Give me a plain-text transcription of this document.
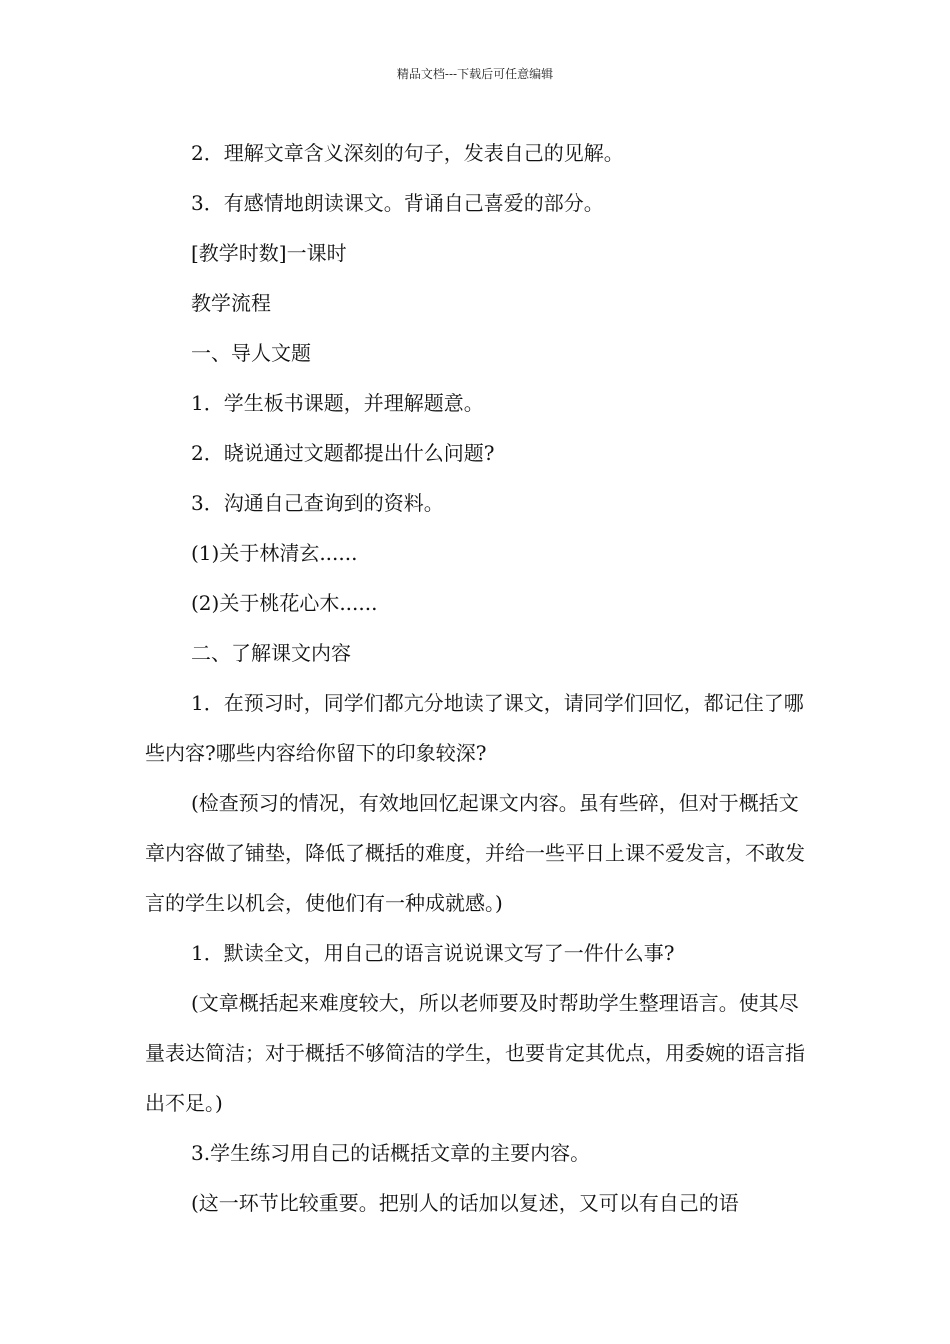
精品文档---下载后可任意编辑

2．理解文章含义深刻的句子，发表自己的见解。

3．有感情地朗读课文。背诵自己喜爱的部分。

[教学时数]一课时

教学流程

一、导人文题

1．学生板书课题，并理解题意。

2．晓说通过文题都提出什么问题?

3．沟通自己查询到的资料。

(1)关于林清玄......

(2)关于桃花心木......

二、了解课文内容

1．在预习时，同学们都亢分地读了课文，请同学们回忆，都记住了哪些内容?哪些内容给你留下的印象较深?

(检查预习的情况，有效地回忆起课文内容。虽有些碎，但对于概括文章内容做了铺垫，降低了概括的难度，并给一些平日上课不爱发言，不敢发言的学生以机会，使他们有一种成就感。)

1．默读全文，用自己的语言说说课文写了一件什么事?

(文章概括起来难度较大，所以老师要及时帮助学生整理语言。使其尽量表达简洁；对于概括不够简洁的学生，也要肯定其优点，用委婉的语言指出不足。)

3.学生练习用自己的话概括文章的主要内容。

(这一环节比较重要。把别人的话加以复述，又可以有自己的语
